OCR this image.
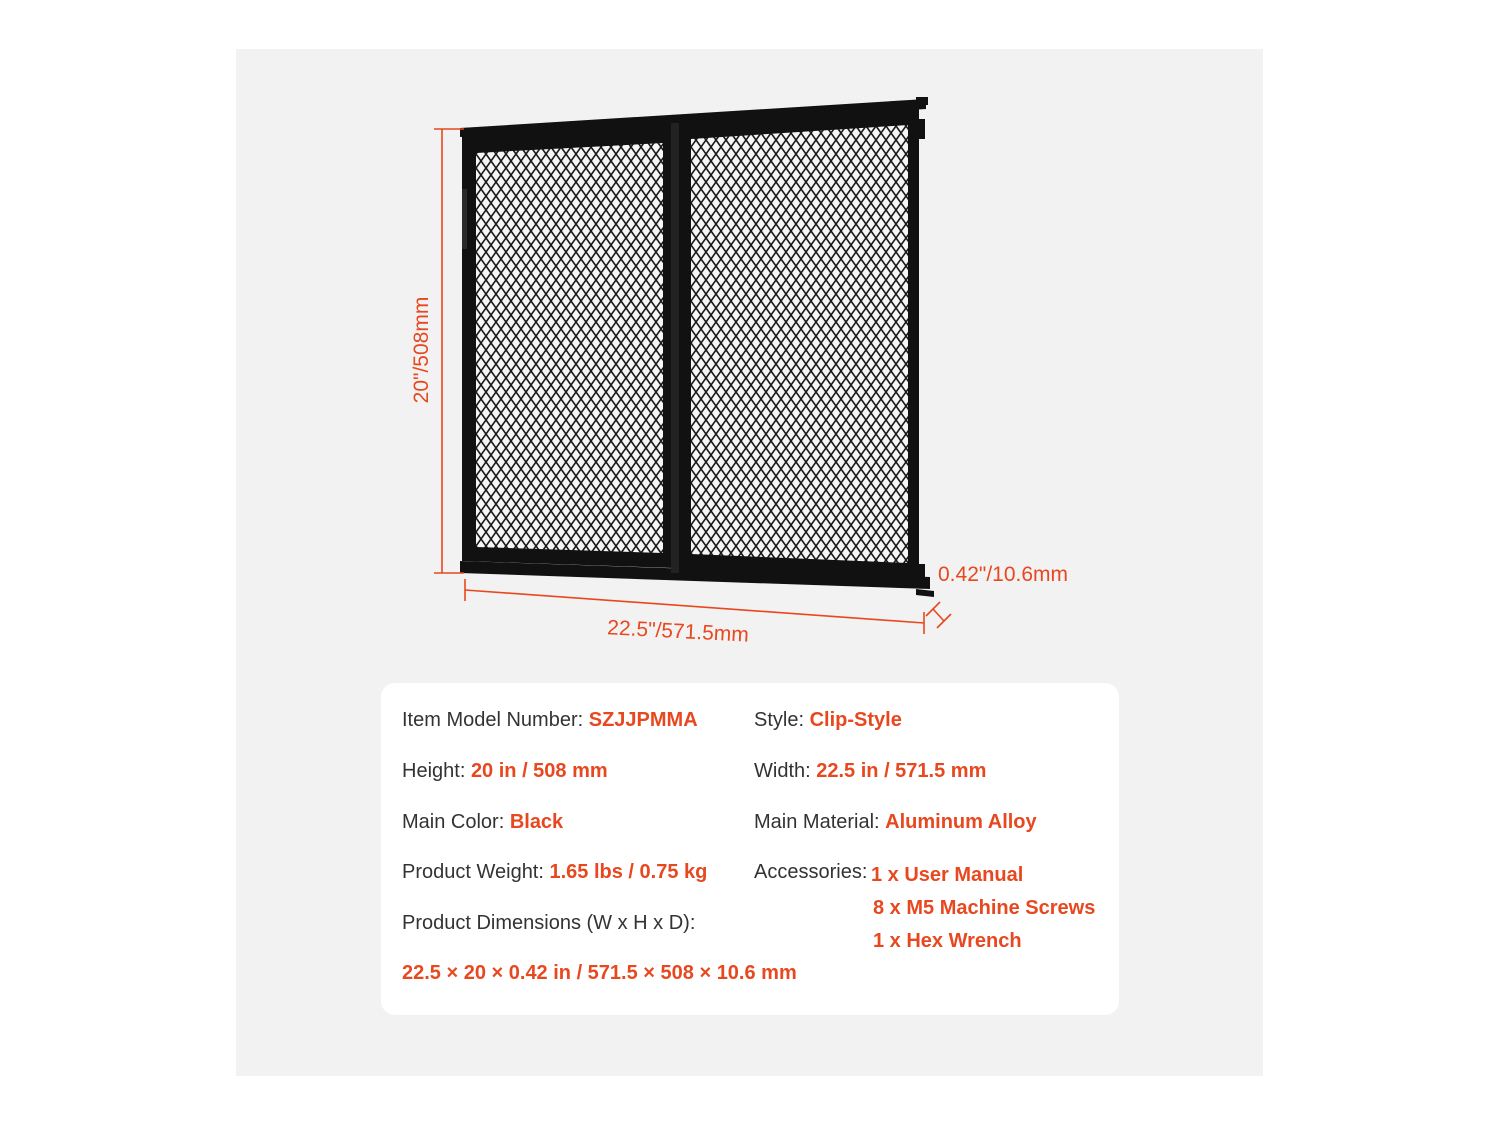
20"/508mm
22.5"/571.5mm
0.42"/10.6mm
Item Model Number: SZJJPMMA	Style: Clip-Style
Height: 20 in / 508 mm	Width: 22.5 in / 571.5 mm
Main Color: Black	Main Material: Aluminum Alloy
Product Weight: 1.65 lbs / 0.75 kg Accessories: 1 x User Manual
8 x M5 Machine Screws
1 x Hex Wrench
Product Dimensions (W x H x D):
22.5 × 20 × 0.42 in / 571.5 × 508 × 10.6 mm
